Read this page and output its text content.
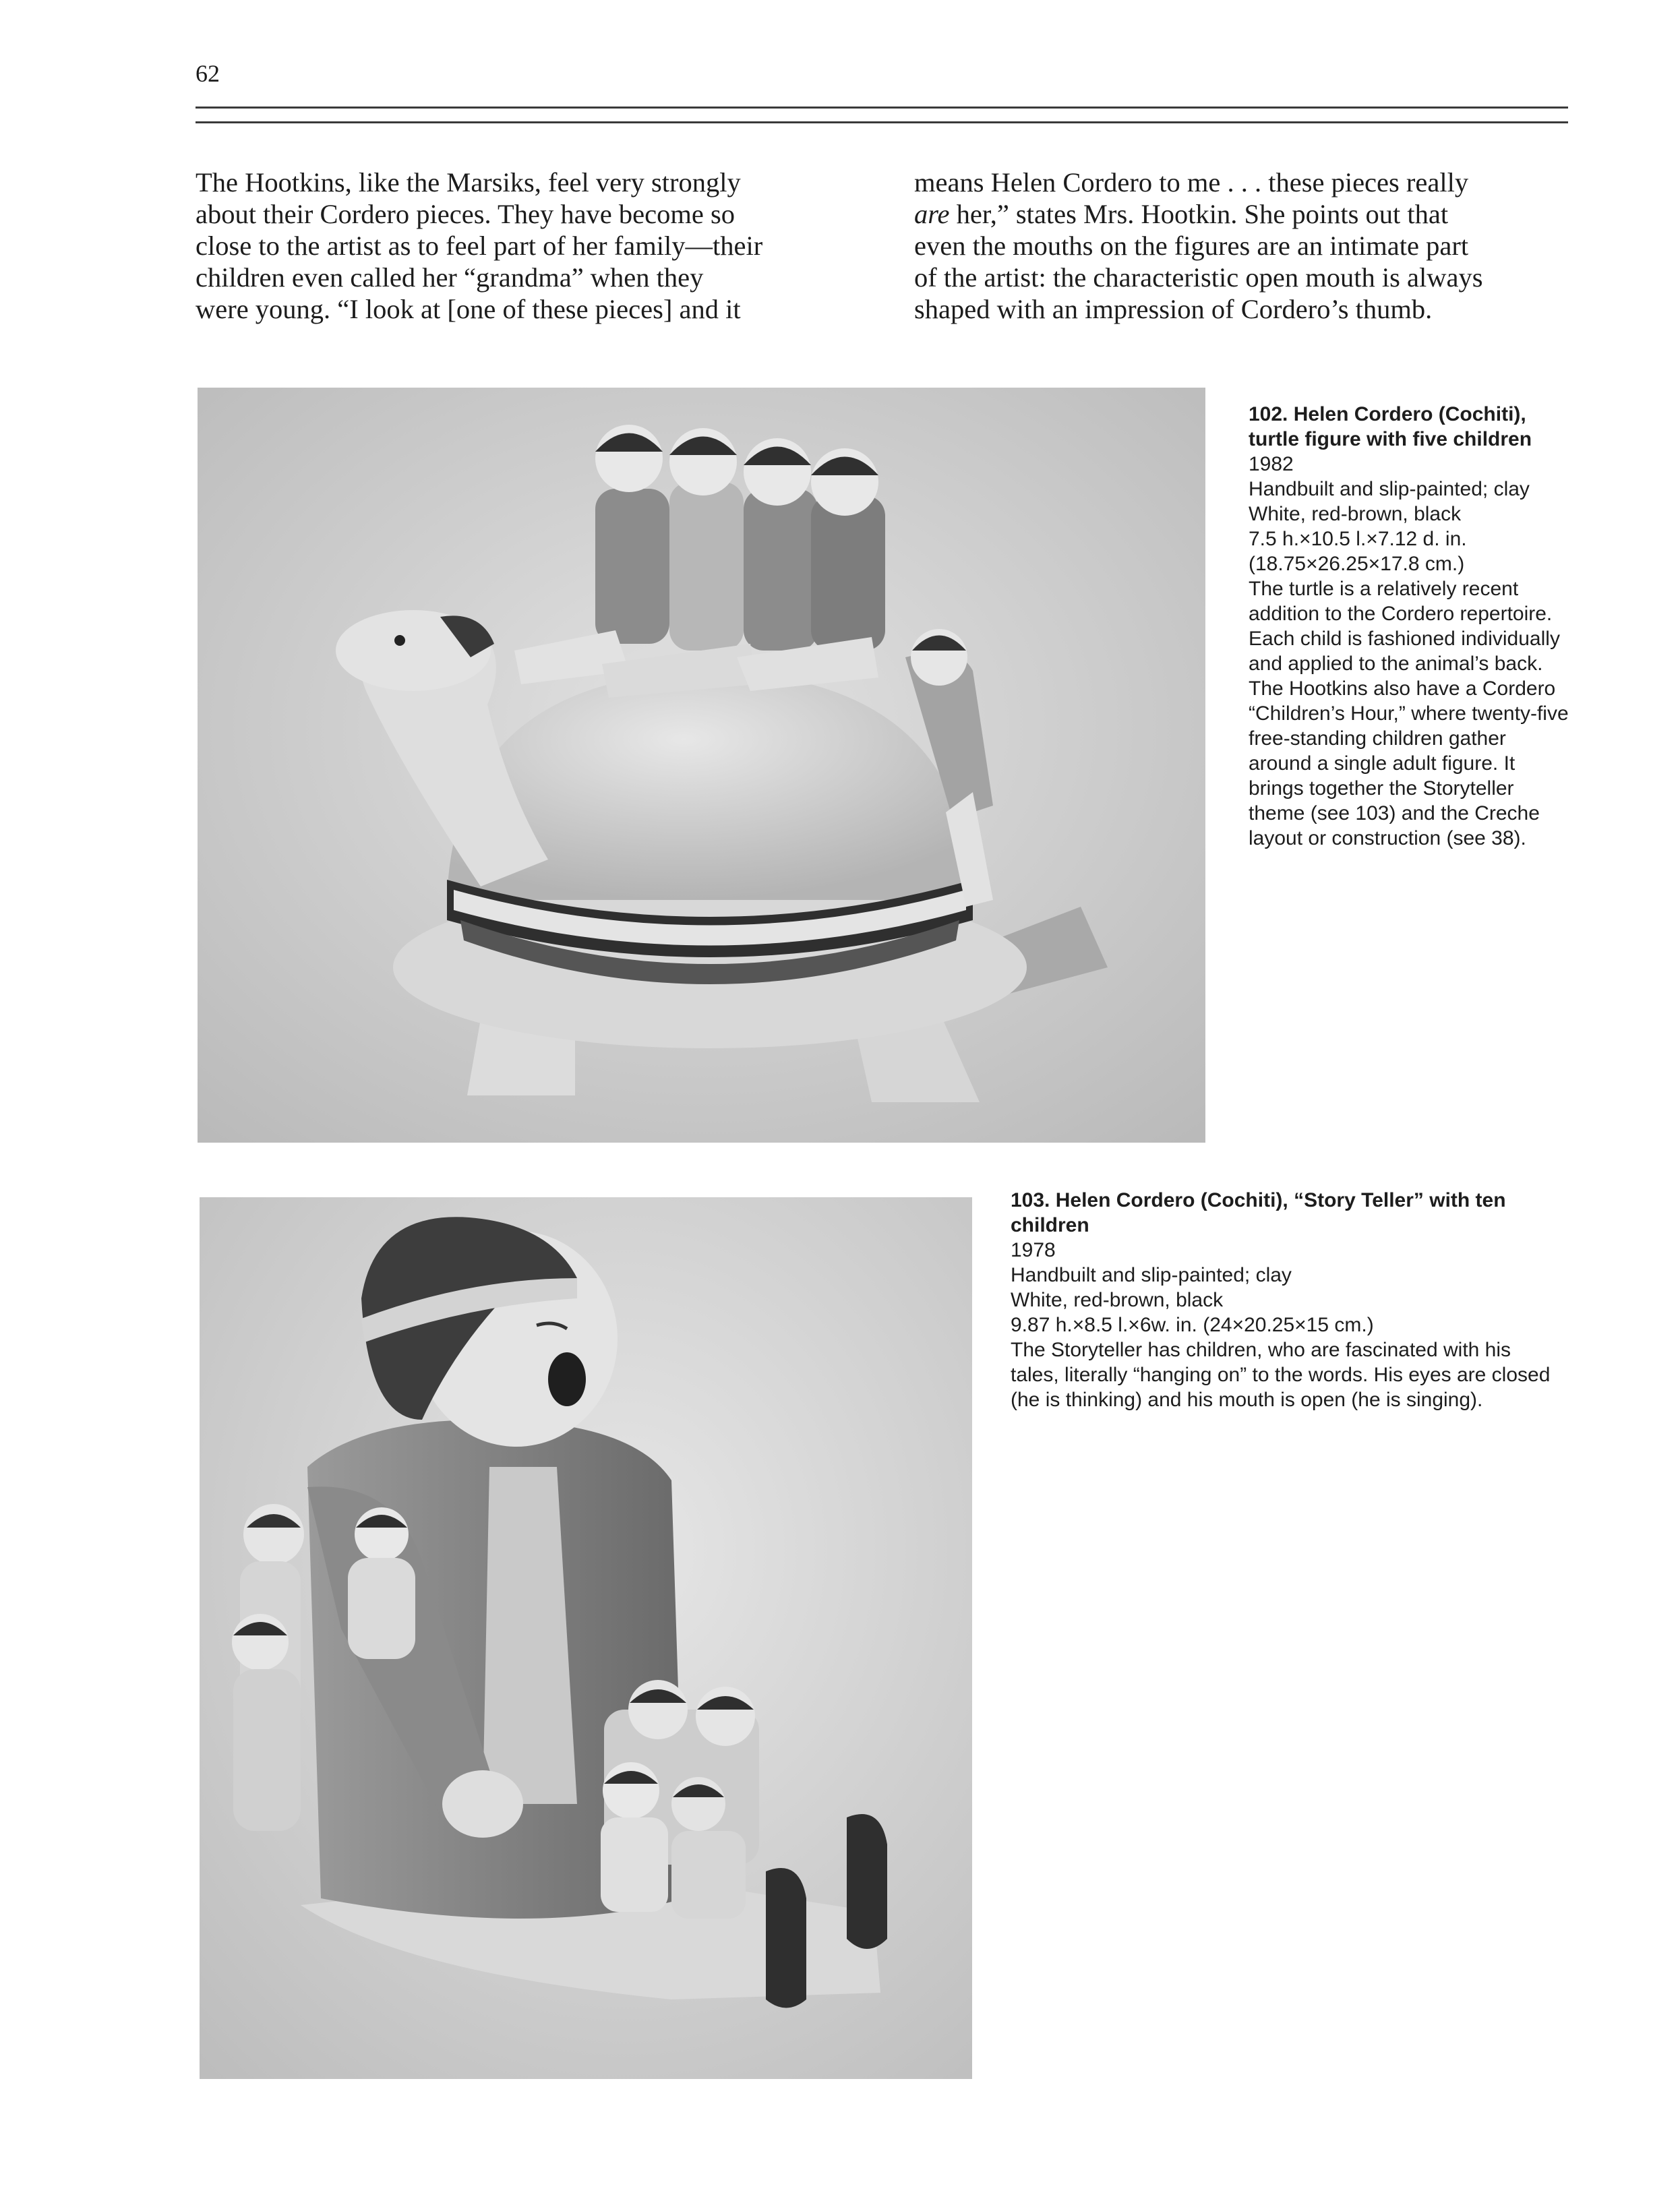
62
The Hootkins, like the Marsiks, feel very strongly
about their Cordero pieces. They have become so
close to the artist as to feel part of her family—their
children even called her “grandma” when they
were young. “I look at [one of these pieces] and it
means Helen Cordero to me . . . these pieces really
are her,” states Mrs. Hootkin. She points out that
even the mouths on the figures are an intimate part
of the artist: the characteristic open mouth is always
shaped with an impression of Cordero’s thumb.
102. Helen Cordero (Cochiti), turtle figure with five children
1982
Handbuilt and slip-painted; clay
White, red-brown, black
7.5 h.×10.5 l.×7.12 d. in.
(18.75×26.25×17.8 cm.)
The turtle is a relatively recent addition to the Cordero repertoire. Each child is fashioned individually and applied to the animal’s back. The Hootkins also have a Cordero “Children’s Hour,” where twenty-five free-standing children gather around a single adult figure. It brings together the Storyteller theme (see 103) and the Creche layout or construction (see 38).
103. Helen Cordero (Cochiti), “Story Teller” with ten children
1978
Handbuilt and slip-painted; clay
White, red-brown, black
9.87 h.×8.5 l.×6w. in. (24×20.25×15 cm.)
The Storyteller has children, who are fascinated with his tales, literally “hanging on” to the words. His eyes are closed (he is thinking) and his mouth is open (he is singing).
